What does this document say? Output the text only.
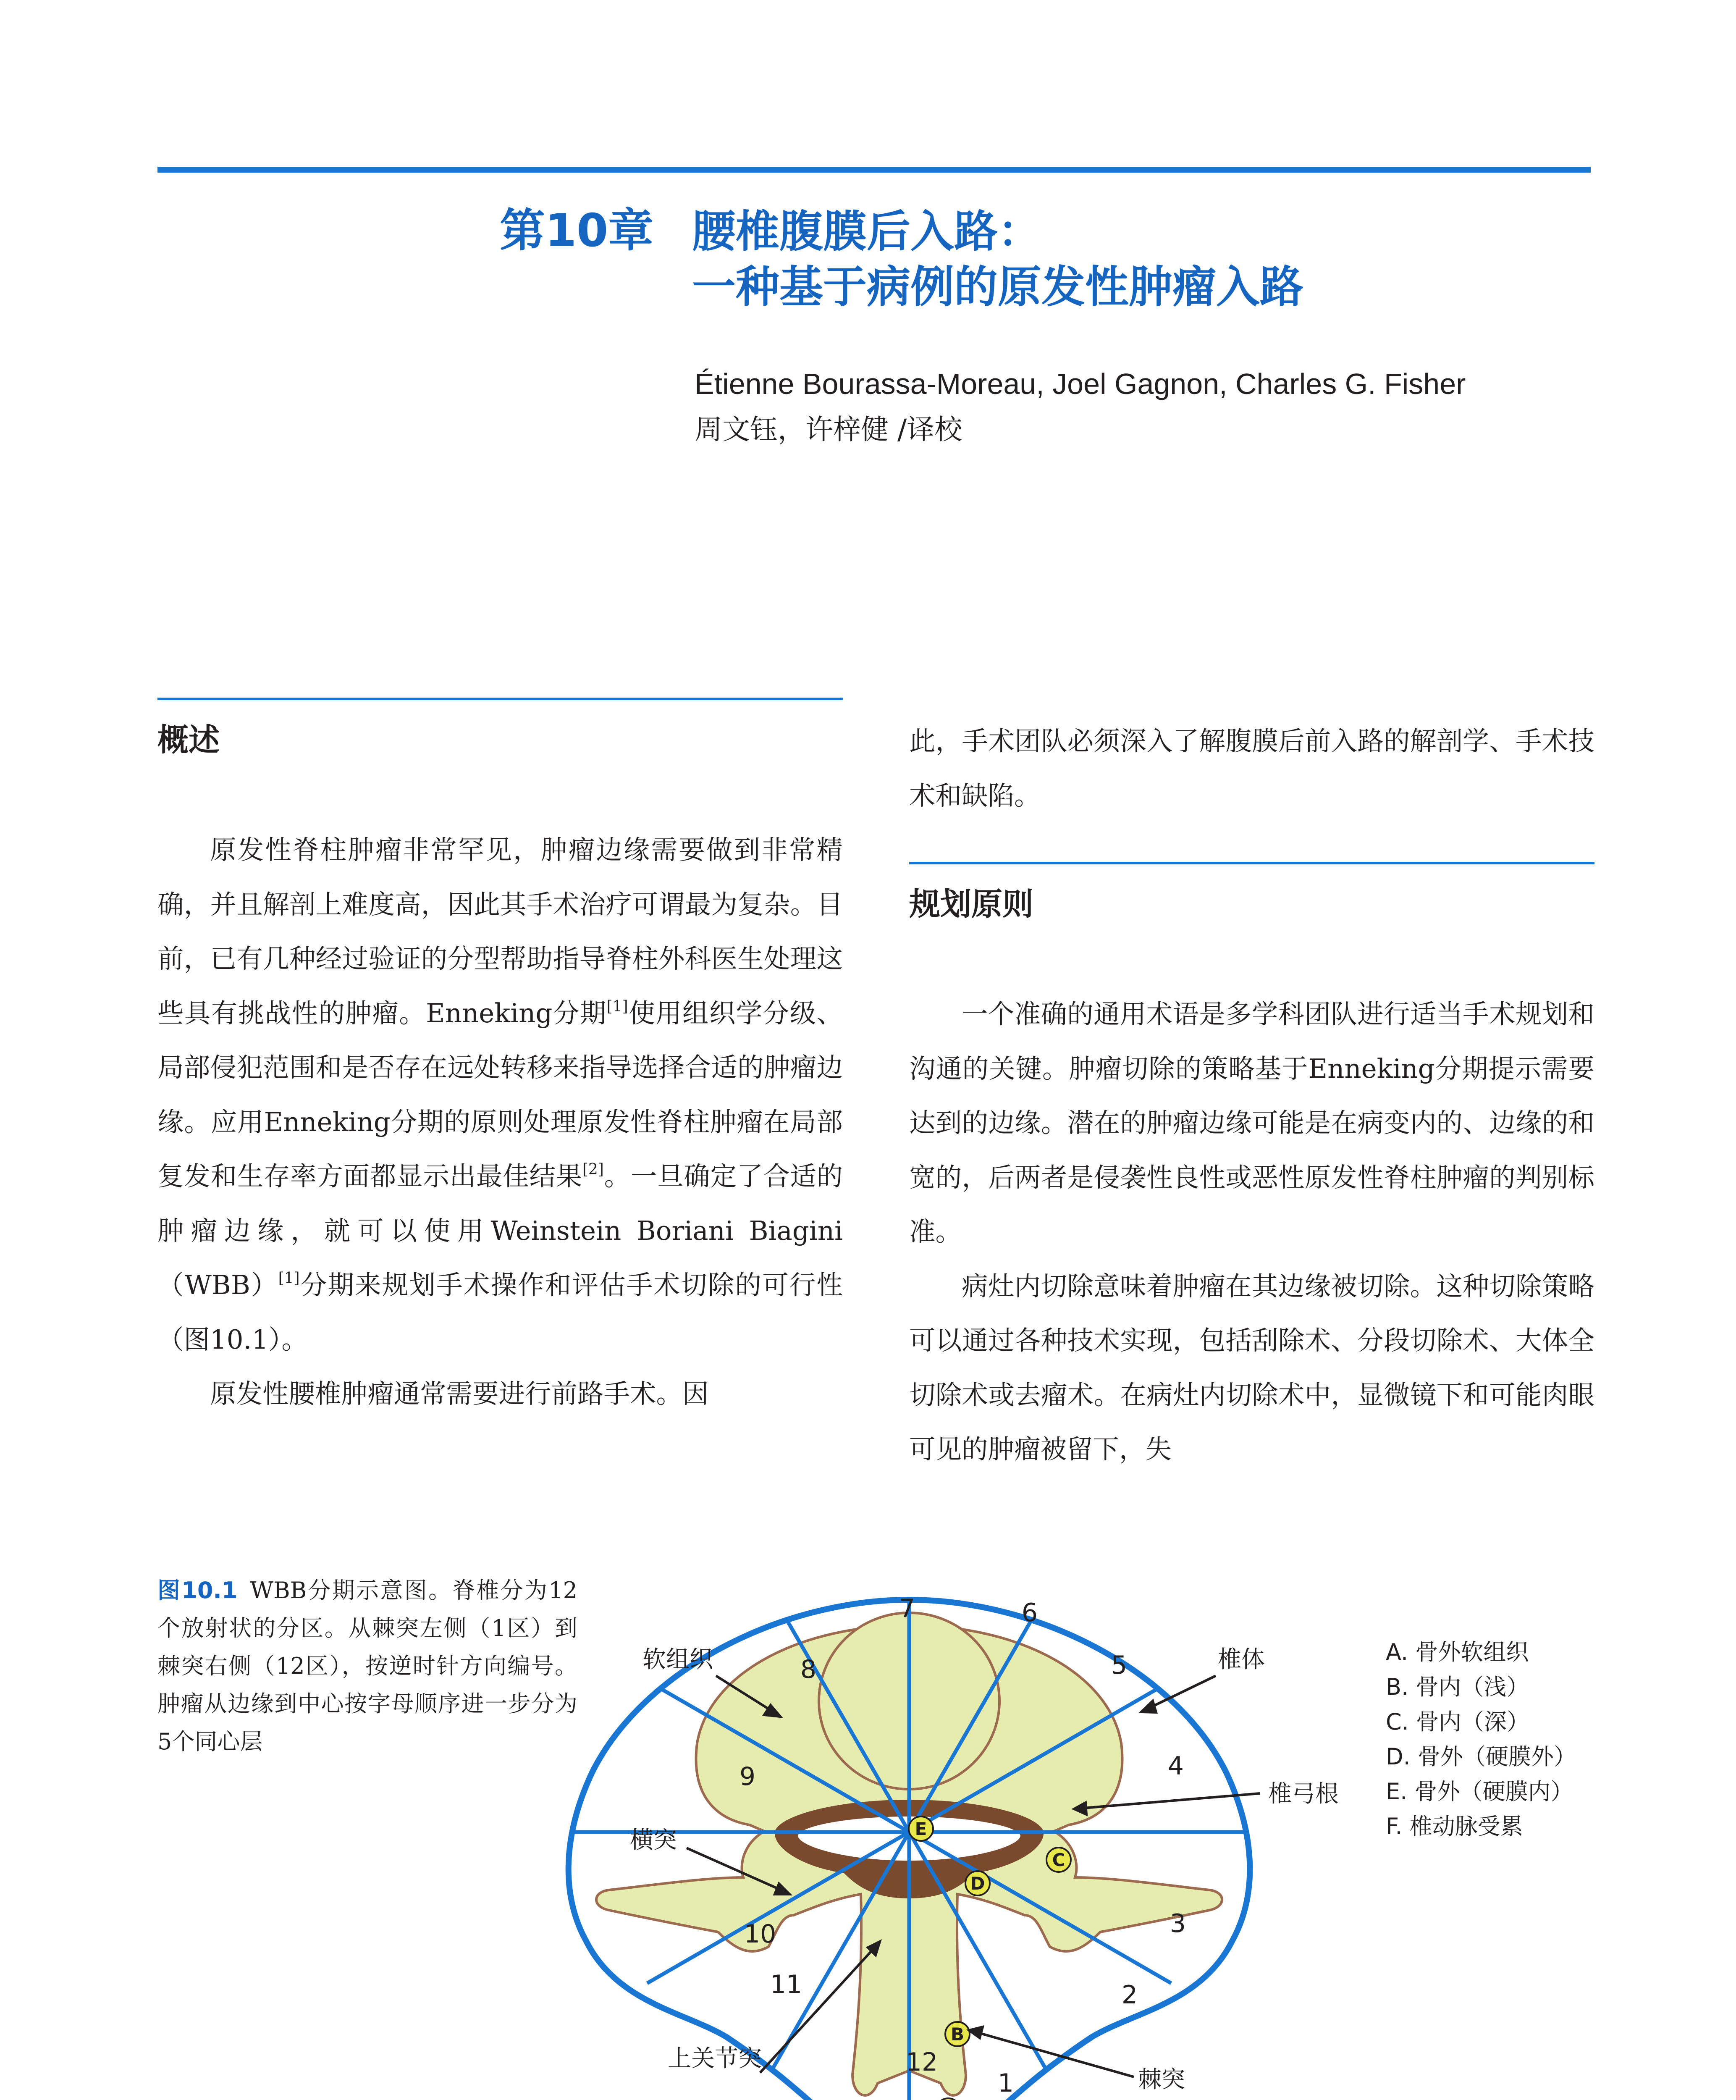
第10章 腰椎腹膜后入路：
一种基于病例的原发性肿瘤入路
Étienne Bourassa-Moreau, Joel Gagnon, Charles G. Fisher
周文钰，许梓健 /译校
概述

原发性脊柱肿瘤非常罕见，肿瘤边缘需要做到非常精确，并且解剖上难度高，因此其手术治疗可谓最为复杂。目前，已有几种经过验证的分型帮助指导脊柱外科医生处理这些具有挑战性的肿瘤。Enneking分期[1]使用组织学分级、局部侵犯范围和是否存在远处转移来指导选择合适的肿瘤边缘。应用Enneking分期的原则处理原发性脊柱肿瘤在局部复发和生存率方面都显示出最佳结果[2]。一旦确定了合适的肿瘤边缘，就可以使用Weinstein Boriani Biagini（WBB）[1]分期来规划手术操作和评估手术切除的可行性（图10.1）。

原发性腰椎肿瘤通常需要进行前路手术。因

此，手术团队必须深入了解腹膜后前入路的解剖学、手术技术和缺陷。

规划原则

一个准确的通用术语是多学科团队进行适当手术规划和沟通的关键。肿瘤切除的策略基于Enneking分期提示需要达到的边缘。潜在的肿瘤边缘可能是在病变内的、边缘的和宽的，后两者是侵袭性良性或恶性原发性脊柱肿瘤的判别标准。

病灶内切除意味着肿瘤在其边缘被切除。这种切除策略可以通过各种技术实现，包括刮除术、分段切除术、大体全切除术或去瘤术。在病灶内切除术中，显微镜下和可能肉眼可见的肿瘤被留下，失

图10.1 WBB分期示意图。脊椎分为12个放射状的分区。从棘突左侧（1区）到棘突右侧（12区），按逆时针方向编号。肿瘤从边缘到中心按字母顺序进一步分为5个同心层
1
2
3
4
5
6
7
8
9
10
11
12
B
C
D
E
软组织	椎体
椎弓根
横突
上关节突
棘突
A. 骨外软组织
B. 骨内（浅）
C. 骨内（深）
D. 骨外（硬膜外）
E. 骨外（硬膜内）
F. 椎动脉受累
